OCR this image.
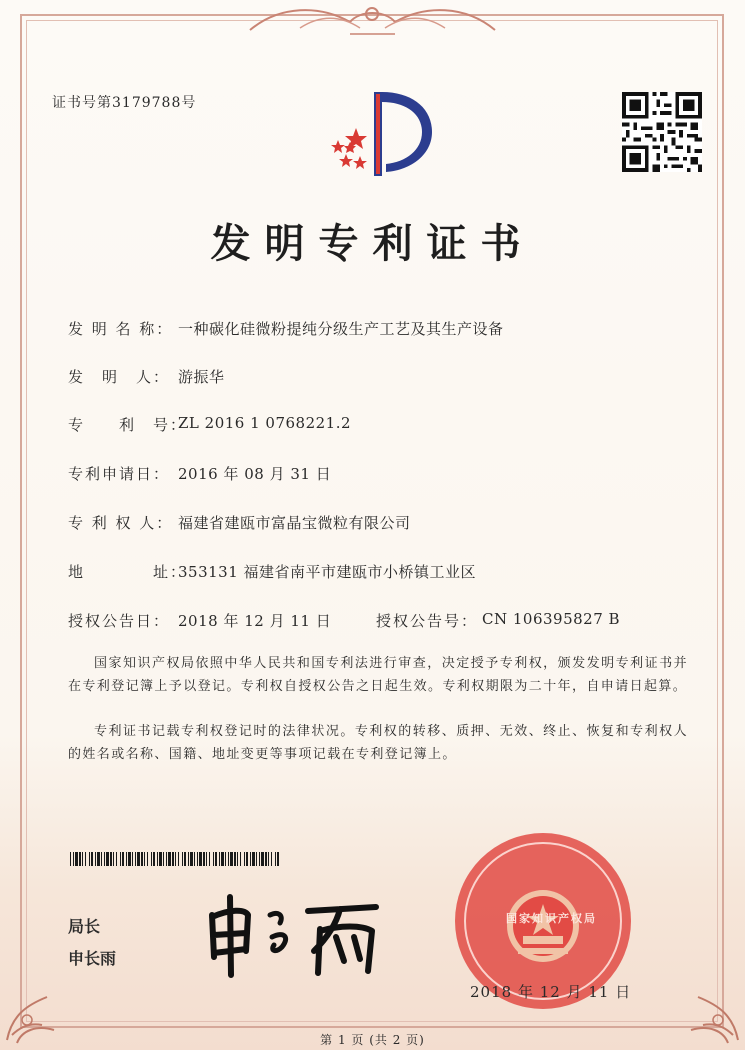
证书号第3179788号
发明专利证书
发 明 名 称： 一种碳化硅微粉提纯分级生产工艺及其生产设备
发　明　人： 游振华
专　　利　号：
ZL 2016 1 0768221.2
专利申请日： 2016 年 08 月 31 日
专 利 权 人： 福建省建瓯市富晶宝微粒有限公司
地　　　　址：
353131 福建省南平市建瓯市小桥镇工业区
授权公告日： 2018 年 12 月 11 日	授权公告号： CN 106395827 B
国家知识产权局依照中华人民共和国专利法进行审查，决定授予专利权，颁发发明专利证书并在专利登记簿上予以登记。专利权自授权公告之日起生效。专利权期限为二十年，自申请日起算。
专利证书记载专利权登记时的法律状况。专利权的转移、质押、无效、终止、恢复和专利权人的姓名或名称、国籍、地址变更等事项记载在专利登记簿上。
局长
申长雨
国家知识产权局
2018 年 12 月 11 日
第 1 页 (共 2 页)
